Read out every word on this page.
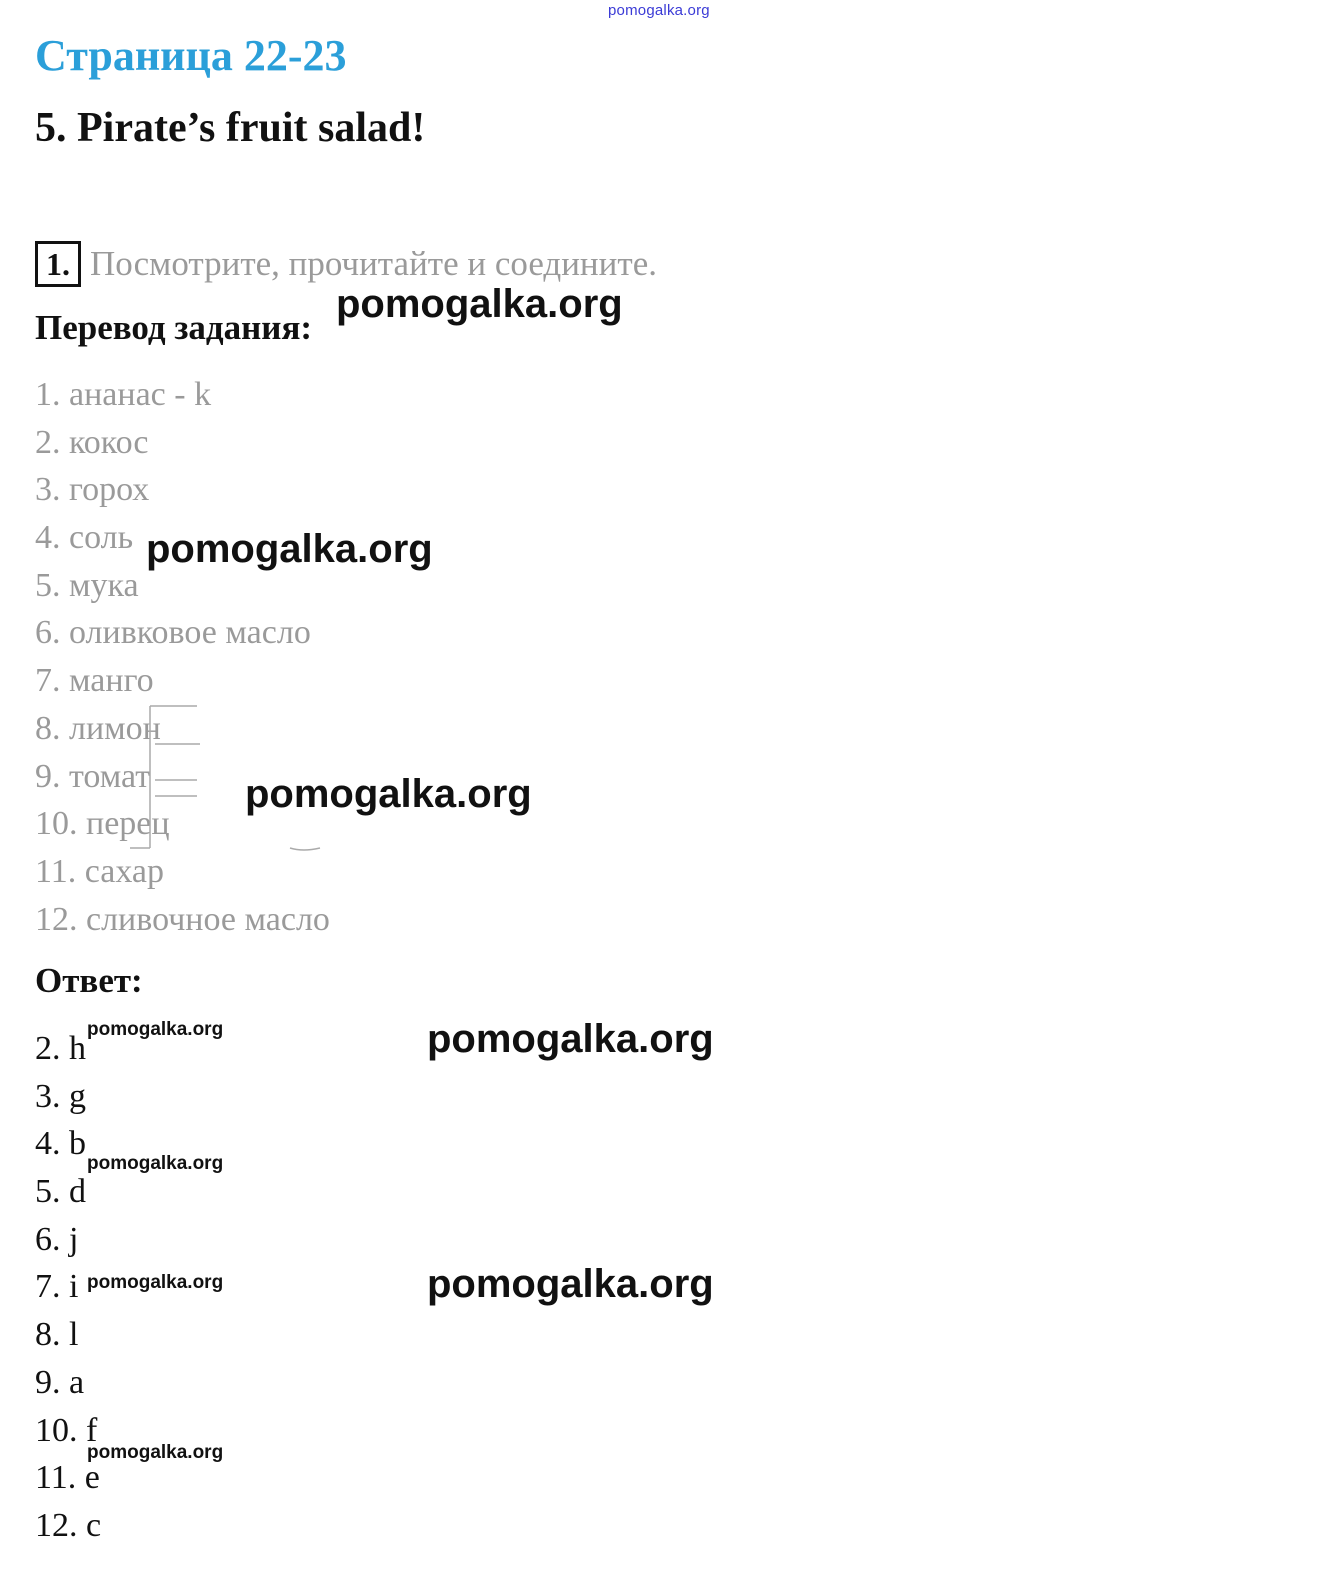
pomogalka.org
Страница 22-23
5. Pirate’s fruit salad!
1. Посмотрите, прочитайте и соедините.
Перевод задания:
1. ананас - k
2. кокос
3. горох
4. соль
5. мука
6. оливковое масло
7. манго
8. лимон
9. томат
10. перец
11. сахар
12. сливочное масло
Ответ:
2. h
3. g
4. b
5. d
6. j
7. i
8. l
9. a
10. f
11. e
12. c
pomogalka.org
pomogalka.org
pomogalka.org
pomogalka.org
pomogalka.org
pomogalka.org
pomogalka.org
pomogalka.org
pomogalka.org
